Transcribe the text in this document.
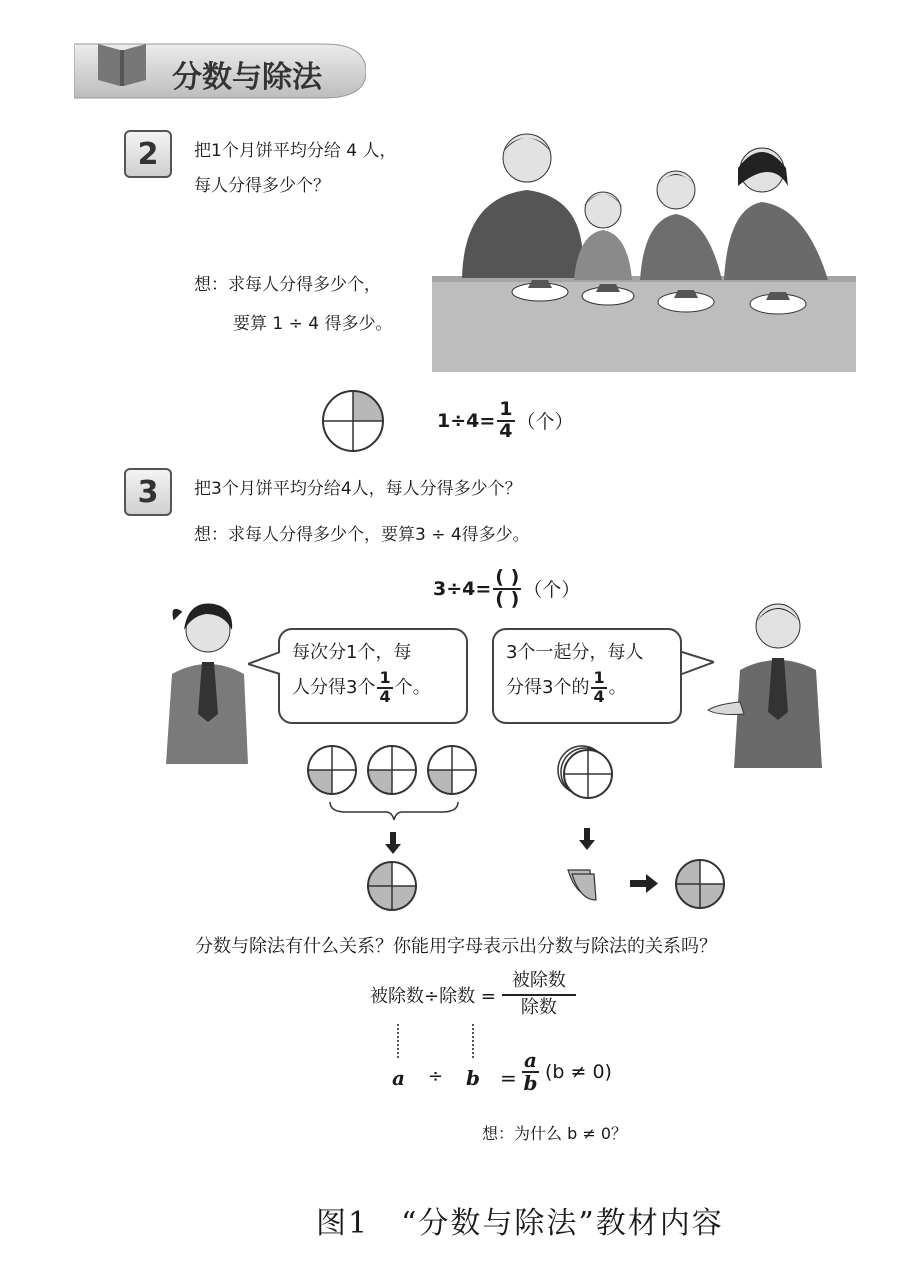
分数与除法
2	把1个月饼平均分给 4 人，
每人分得多少个？
想：求每人分得多少个，
要算 1 ÷ 4 得多少。
$1\div 4= \frac{1}{4}$ （个）
3	把3个月饼平均分给4人，每人分得多少个？
想：求每人分得多少个，要算3 ÷ 4得多少。
$3\div 4= \frac{( )}{( )}$ （个）
每次分1个，每
人分得3个 $\frac{1}{4}$ 个。
3个一起分，每人
分得3个的 $\frac{1}{4}$ 。
分数与除法有什么关系？你能用字母表示出分数与除法的关系吗？
被除数÷除数 = $\frac{\text{被除数}}{\text{除数}}$
$a \div b = \frac{a}{b} (b \ne 0)$
想：为什么 b ≠ 0？
图1　“分数与除法”教材内容
